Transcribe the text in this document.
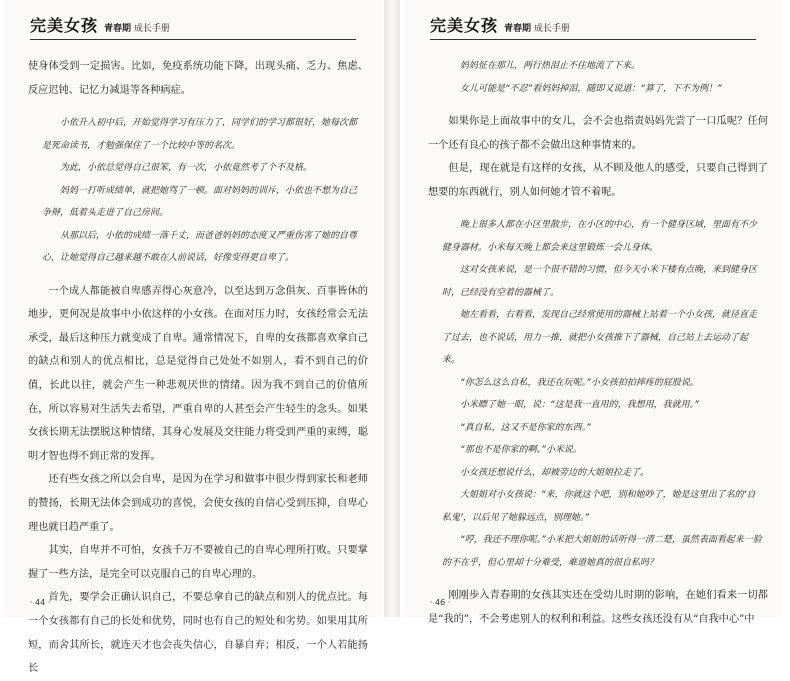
完美女孩 青春期 成长手册

使身体受到一定损害。比如，免疫系统功能下降，出现头痛、乏力、焦虑、反应迟钝、记忆力减退等各种病症。

小依升入初中后，开始觉得学习有压力了，同学们的学习都很好，她每次都是死命读书，才勉强保住了一个比较中等的名次。

为此，小依总觉得自己很笨，有一次，小依竟然考了个不及格。

妈妈一打听成绩单，就把她骂了一顿。面对妈妈的训斥，小依也不想为自己争辩，低着头走进了自己房间。

从那以后，小依的成绩一落千丈，而爸爸妈妈的态度又严重伤害了她的自尊心，让她觉得自己越来越不敢在人前说话，好像变得更自卑了。

一个成人都能被自卑感弄得心灰意冷，以至达到万念俱灰、百事皆休的地步，更何况是故事中小依这样的小女孩。在面对压力时，女孩经常会无法承受，最后这种压力就变成了自卑。通常情况下，自卑的女孩都喜欢拿自己的缺点和别人的优点相比，总是觉得自己处处不如别人，看不到自己的价值，长此以往，就会产生一种悲观厌世的情绪。因为我不到自己的价值所在，所以容易对生活失去希望，严重自卑的人甚至会产生轻生的念头。如果女孩长期无法摆脱这种情绪，其身心发展及交往能力将受到严重的束缚，聪明才智也得不到正常的发挥。

还有些女孩之所以会自卑，是因为在学习和做事中很少得到家长和老师的赞扬，长期无法体会到成功的喜悦，会使女孩的自信心受到压抑，自卑心理也就日趋严重了。

其实，自卑并不可怕，女孩千万不要被自己的自卑心理所打败。只要掌握了一些方法，是完全可以克服自己的自卑心理的。

首先，要学会正确认识自己，不要总拿自己的缺点和别人的优点比。每一个女孩都有自己的长处和优势，同时也有自己的短处和劣势。如果用其所短，而舍其所长，就连天才也会丧失信心，自暴自弃；相反，一个人若能扬长

· 44 ·
完美女孩 青春期 成长手册

妈妈怔在那儿，两行热泪止不住地流了下来。

女儿可能是“不忍”看妈妈掉泪，随即又说道：“算了，下不为例！”

如果你是上面故事中的女儿，会不会也指责妈妈先尝了一口瓜呢？任何一个还有良心的孩子都不会做出这种事情来的。

但是，现在就是有这样的女孩，从不顾及他人的感受，只要自己得到了想要的东西就行，别人如何她才管不着呢。

晚上很多人都在小区里散步，在小区的中心，有一个健身区域，里面有不少健身器材。小米每天晚上都会来这里锻炼一会儿身体。

这对女孩来说，是一个很不错的习惯，但今天小米下楼有点晚，来到健身区时，已经没有空着的器械了。

她左看看，右看看，发现自己经常使用的器械上站着一个小女孩，就径直走了过去，也不说话，用力一推，就把小女孩推下了器械，自己站上去运动了起来。

“你怎么这么自私，我还在玩呢。”小女孩拍拍摔疼的屁股说。

小米瞟了她一眼，说：“这是我一直用的，我想用，我就用。”

“真自私，这又不是你家的东西。”

“那也不是你家的啊。”小米说。

小女孩还想说什么，却被旁边的大姐姐拉走了。

大姐姐对小女孩说：“来，你就这个吧，别和她吵了，她是这里出了名的‘自私鬼’，以后见了她躲远点，别理她。”

“哼，我还不理你呢。”小米把大姐姐的话听得一清二楚，虽然表面看起来一脸的不在乎，但心里却十分难受，难道她真的很自私吗？

刚刚步入青春期的女孩其实还在受幼儿时期的影响，在她们看来一切都是“我的”，不会考虑别人的权利和利益。这些女孩还没有从“自我中心”中

· 46 ·
